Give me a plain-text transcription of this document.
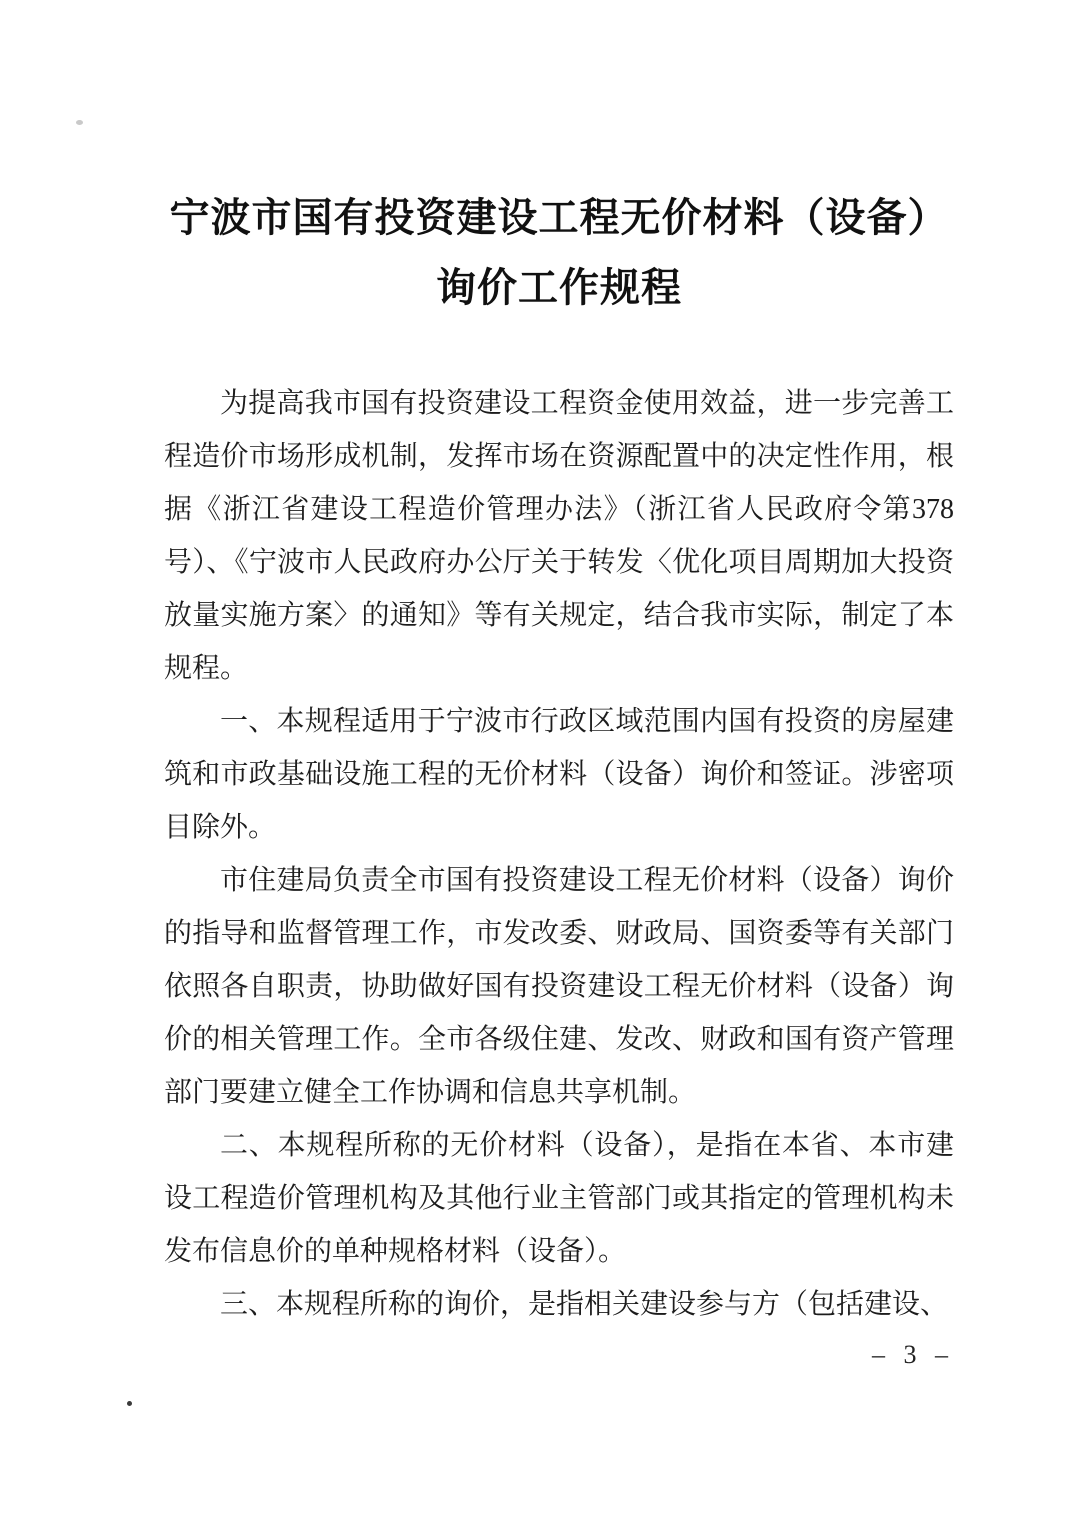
宁波市国有投资建设工程无价材料（设备）
询价工作规程

为提高我市国有投资建设工程资金使用效益，进一步完善工程造价市场形成机制，发挥市场在资源配置中的决定性作用，根据《浙江省建设工程造价管理办法》（浙江省人民政府令第378号）、《宁波市人民政府办公厅关于转发〈优化项目周期加大投资放量实施方案〉的通知》等有关规定，结合我市实际，制定了本规程。

一、本规程适用于宁波市行政区域范围内国有投资的房屋建筑和市政基础设施工程的无价材料（设备）询价和签证。涉密项目除外。

市住建局负责全市国有投资建设工程无价材料（设备）询价的指导和监督管理工作，市发改委、财政局、国资委等有关部门依照各自职责，协助做好国有投资建设工程无价材料（设备）询价的相关管理工作。全市各级住建、发改、财政和国有资产管理部门要建立健全工作协调和信息共享机制。

二、本规程所称的无价材料（设备），是指在本省、本市建设工程造价管理机构及其他行业主管部门或其指定的管理机构未发布信息价的单种规格材料（设备）。

三、本规程所称的询价，是指相关建设参与方（包括建设、

– 3 –
